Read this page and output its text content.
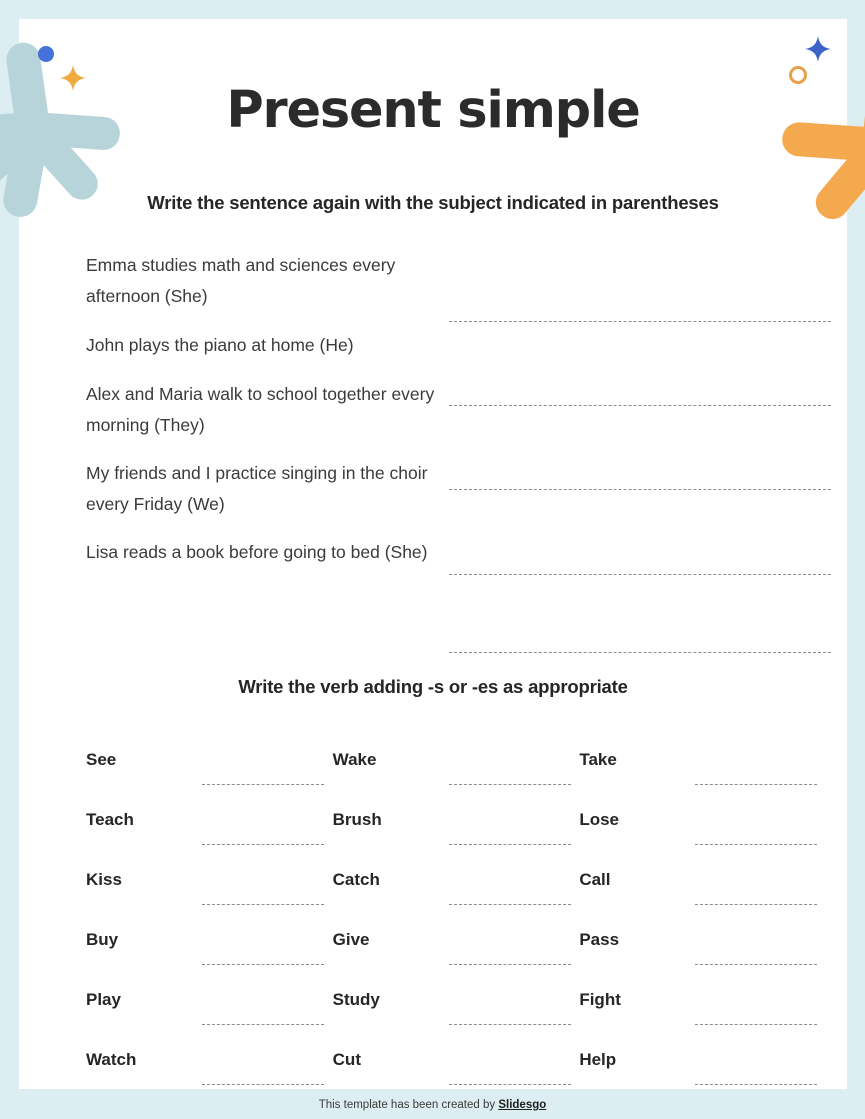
Present simple
Write the sentence again with the subject indicated in parentheses
Emma studies math and sciences every afternoon (She)
John plays the piano at home (He)
Alex and Maria walk to school together every morning (They)
My friends and I practice singing in the choir every Friday (We)
Lisa reads a book before going to bed (She)
Write the verb adding -s or -es as appropriate
See
Teach
Kiss
Buy
Play
Watch
Wake
Brush
Catch
Give
Study
Cut
Take
Lose
Call
Pass
Fight
Help
This template has been created by Slidesgo
